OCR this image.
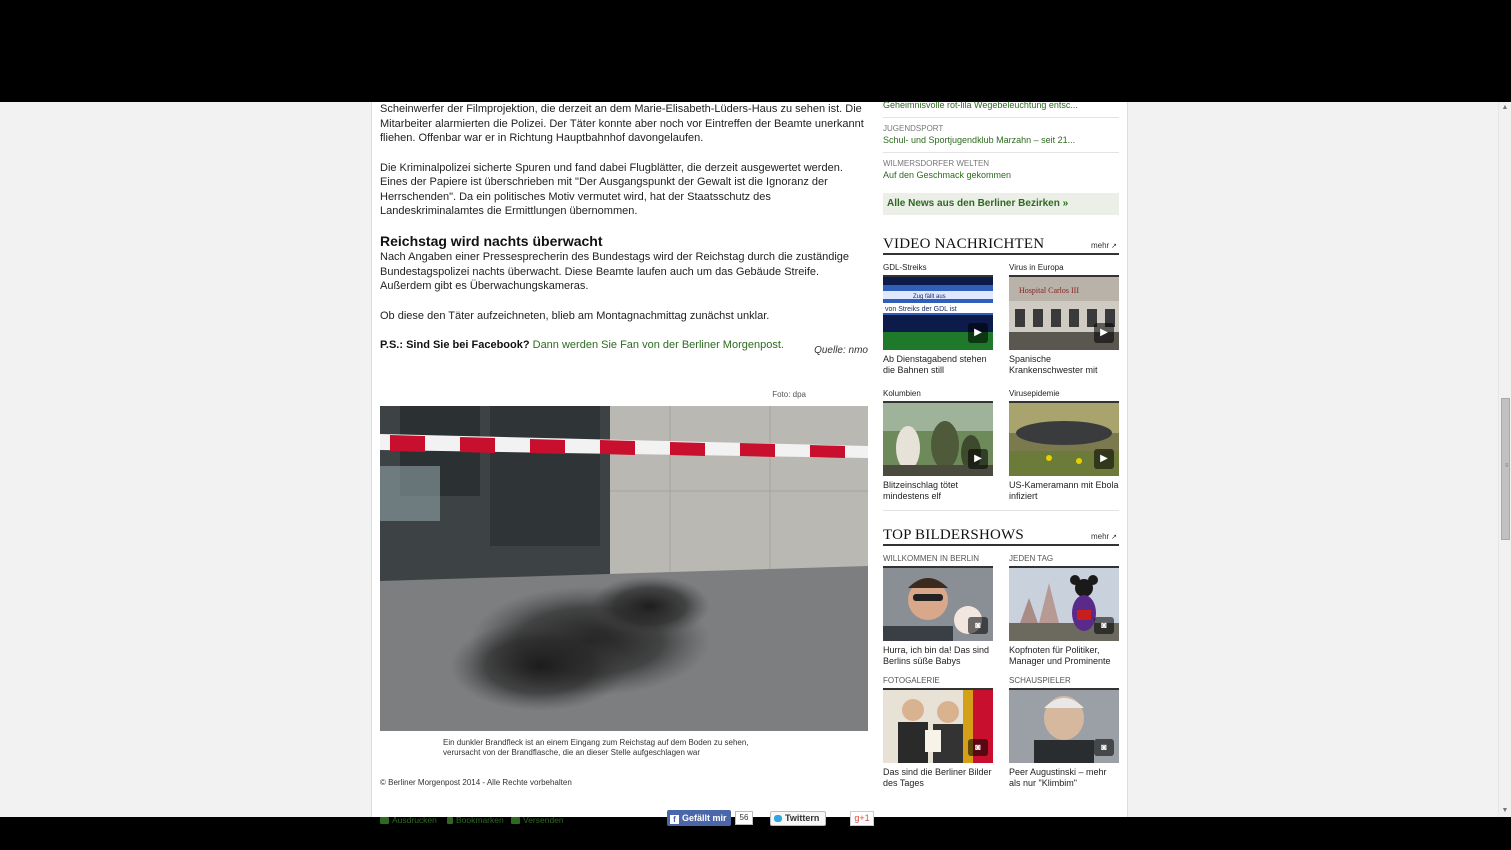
Scheinwerfer der Filmprojektion, die derzeit an dem Marie-Elisabeth-Lüders-Haus zu sehen ist. Die Mitarbeiter alarmierten die Polizei. Der Täter konnte aber noch vor Eintreffen der Beamte unerkannt fliehen. Offenbar war er in Richtung Hauptbahnhof davongelaufen.

Die Kriminalpolizei sicherte Spuren und fand dabei Flugblätter, die derzeit ausgewertet werden. Eines der Papiere ist überschrieben mit "Der Ausgangspunkt der Gewalt ist die Ignoranz der Herrschenden". Da ein politisches Motiv vermutet wird, hat der Staatsschutz des Landeskriminalamtes die Ermittlungen übernommen.

Reichstag wird nachts überwacht

Nach Angaben einer Pressesprecherin des Bundestags wird der Reichstag durch die zuständige Bundestagspolizei nachts überwacht. Diese Beamte laufen auch um das Gebäude Streife. Außerdem gibt es Überwachungskameras.

Ob diese den Täter aufzeichneten, blieb am Montagnachmittag zunächst unklar.

P.S.: Sind Sie bei Facebook? Dann werden Sie Fan von der Berliner Morgenpost.	Quelle: nmo
Foto: dpa
Ein dunkler Brandfleck ist an einem Eingang zum Reichstag auf dem Boden zu sehen, verursacht von der Brandflasche, die an dieser Stelle aufgeschlagen war
© Berliner Morgenpost 2014 - Alle Rechte vorbehalten
Ausdrucken	Bookmarken	Versenden	f Gefällt mir	56	Twittern	g+1
Geheimnisvolle rot-lila Wegebeleuchtung entsc...
JUGENDSPORT
Schul- und Sportjugendklub Marzahn – seit 21...
WILMERSDORFER WELTEN
Auf den Geschmack gekommen
Alle News aus den Berliner Bezirken »
VIDEO NACHRICHTEN	mehr ↗
GDL-Streiks
Zug fällt aus
von Streiks der GDL ist
▶
Ab Dienstagabend stehen die Bahnen still
Virus in Europa
Hospital Carlos III
▶
Spanische Krankenschwester mit
Kolumbien
▶
Blitzeinschlag tötet mindestens elf
Virusepidemie
▶
US-Kameramann mit Ebola infiziert
TOP BILDERSHOWS	mehr ↗
WILLKOMMEN IN BERLIN
◙
Hurra, ich bin da! Das sind Berlins süße Babys
JEDEN TAG
◙
Kopfnoten für Politiker, Manager und Prominente
FOTOGALERIE
◙
Das sind die Berliner Bilder des Tages
SCHAUSPIELER
◙
Peer Augustinski – mehr als nur "Klimbim"
▲
≡
▼
